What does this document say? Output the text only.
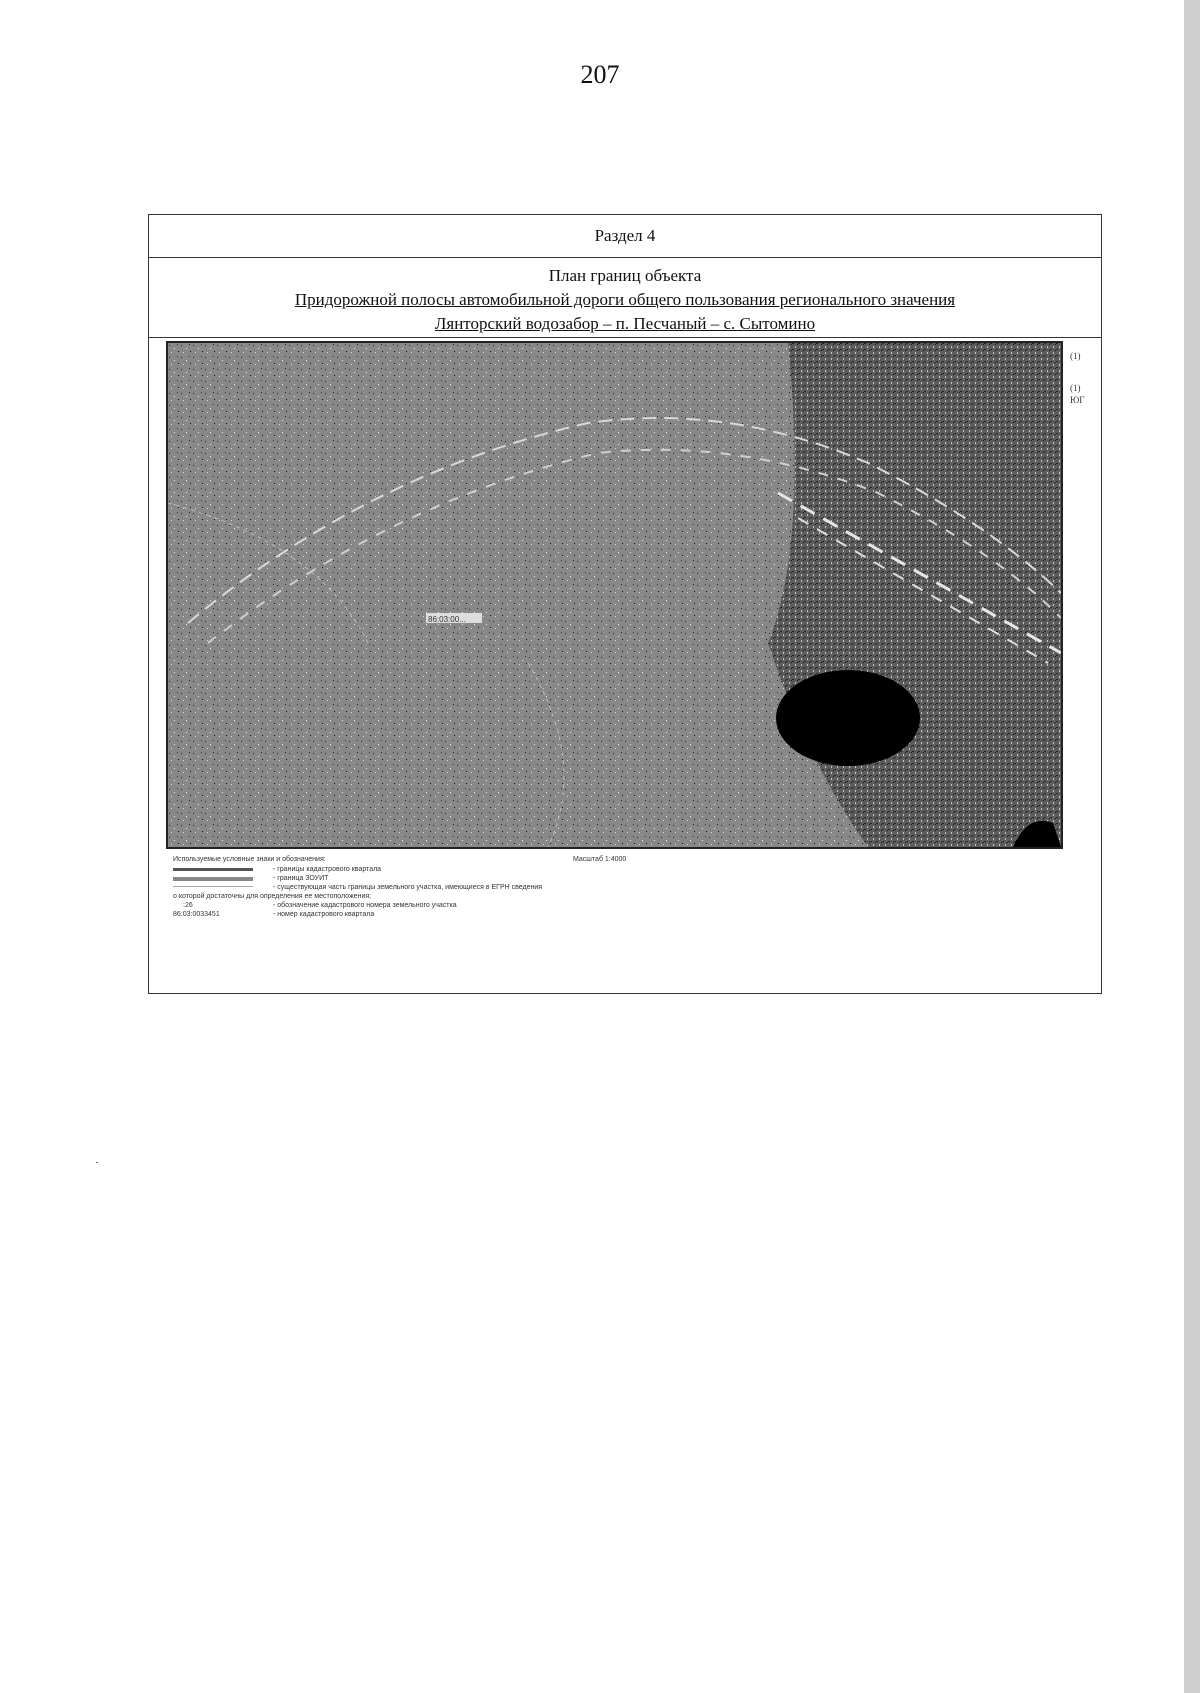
207
Раздел 4
План границ объекта
Придорожной полосы автомобильной дороги общего пользования регионального значения
Лянторский водозабор – п. Песчаный – с. Сытомино
86:03:00...
Используемые условные знаки и обозначения:	Масштаб 1:4000
- границы кадастрового квартала
- граница ЗОУИТ
- существующая часть границы земельного участка, имеющиеся в ЕГРН сведения
о которой достаточны для определения ее местоположения;
:26	- обозначение кадастрового номера земельного участка
86:03:0033451	- номер кадастрового квартала
(1)
(1)
ЮГ
